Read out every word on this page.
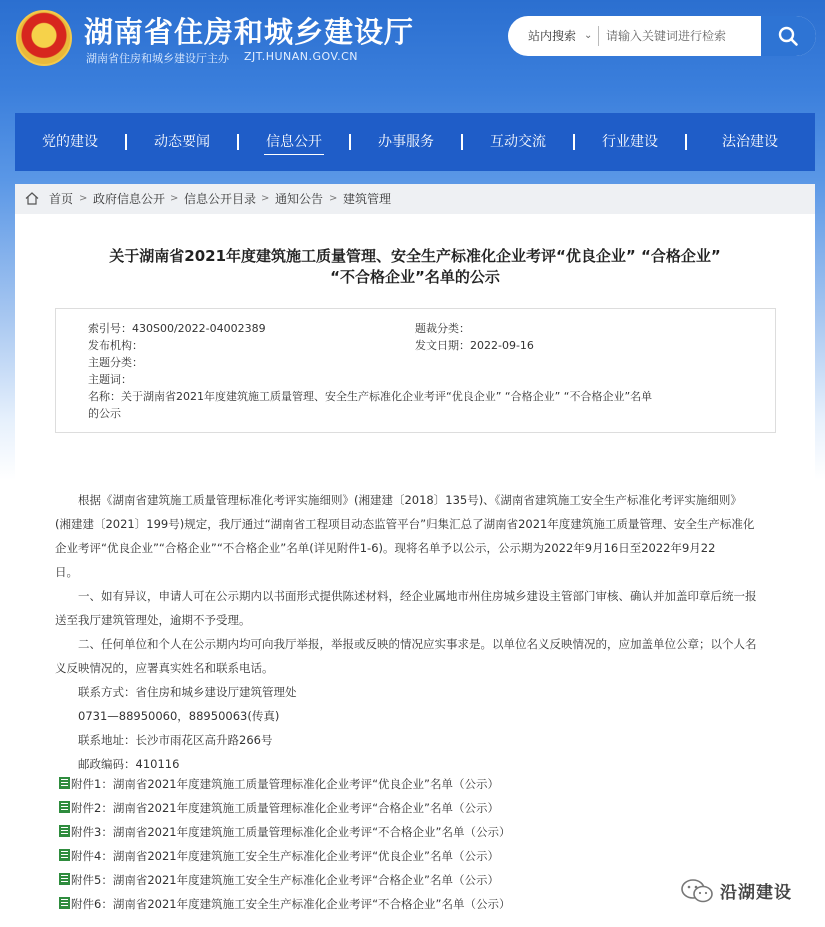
★	湖南省住房和城乡建设厅
湖南省住房和城乡建设厅主办 ZJT.HUNAN.GOV.CN
站内搜索 ⌄
请输入关键词进行检索
党的建设	动态要闻	信息公开	办事服务	互动交流	行业建设	法治建设
首页 > 政府信息公开 > 信息公开目录 > 通知公告 > 建筑管理
关于湖南省2021年度建筑施工质量管理、安全生产标准化企业考评“优良企业” “合格企业”
“不合格企业”名单的公示
索引号：430S00/2022-04002389	题裁分类：
发布机构：	发文日期：2022-09-16
主题分类：
主题词：
名称：关于湖南省2021年度建筑施工质量管理、安全生产标准化企业考评“优良企业” “合格企业” “不合格企业”名单
的公示

根据《湖南省建筑施工质量管理标准化考评实施细则》(湘建建〔2018〕135号)、《湖南省建筑施工安全生产标准化考评实施细则》

(湘建建〔2021〕199号)规定，我厅通过“湖南省工程项目动态监管平台”归集汇总了湖南省2021年度建筑施工质量管理、安全生产标准化

企业考评“优良企业”“合格企业”“不合格企业”名单(详见附件1-6)。现将名单予以公示，公示期为2022年9月16日至2022年9月22

日。

一、如有异议，申请人可在公示期内以书面形式提供陈述材料，经企业属地市州住房城乡建设主管部门审核、确认并加盖印章后统一报

送至我厅建筑管理处，逾期不予受理。

二、任何单位和个人在公示期内均可向我厅举报，举报或反映的情况应实事求是。以单位名义反映情况的，应加盖单位公章；以个人名

义反映情况的，应署真实姓名和联系电话。

联系方式：省住房和城乡建设厅建筑管理处

0731—88950060，88950063(传真)

联系地址：长沙市雨花区高升路266号

邮政编码：410116

附件1：湖南省2021年度建筑施工质量管理标准化企业考评“优良企业”名单（公示）
附件2：湖南省2021年度建筑施工质量管理标准化企业考评“合格企业”名单（公示）
附件3：湖南省2021年度建筑施工质量管理标准化企业考评“不合格企业”名单（公示）
附件4：湖南省2021年度建筑施工安全生产标准化企业考评“优良企业”名单（公示）
附件5：湖南省2021年度建筑施工安全生产标准化企业考评“合格企业”名单（公示）
附件6：湖南省2021年度建筑施工安全生产标准化企业考评“不合格企业”名单（公示）
沿湖建设
